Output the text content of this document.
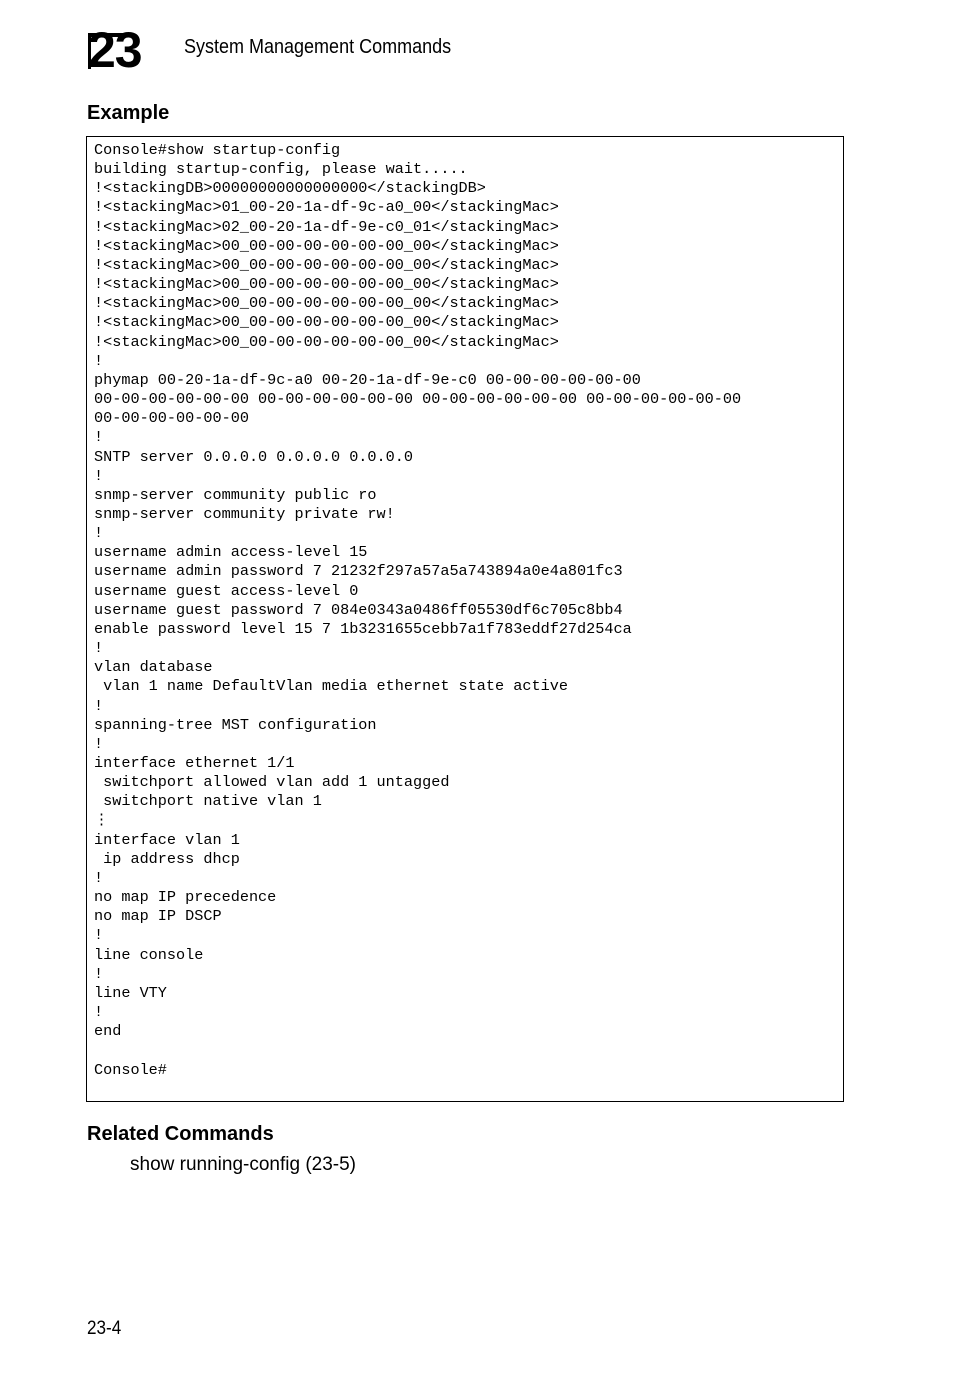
23 System Management Commands
Example
Console#show startup-config
building startup-config, please wait.....
!<stackingDB>00000000000000000</stackingDB>
!<stackingMac>01_00-20-1a-df-9c-a0_00</stackingMac>
!<stackingMac>02_00-20-1a-df-9e-c0_01</stackingMac>
!<stackingMac>00_00-00-00-00-00-00_00</stackingMac>
!<stackingMac>00_00-00-00-00-00-00_00</stackingMac>
!<stackingMac>00_00-00-00-00-00-00_00</stackingMac>
!<stackingMac>00_00-00-00-00-00-00_00</stackingMac>
!<stackingMac>00_00-00-00-00-00-00_00</stackingMac>
!<stackingMac>00_00-00-00-00-00-00_00</stackingMac>
!
phymap 00-20-1a-df-9c-a0 00-20-1a-df-9e-c0 00-00-00-00-00-00
00-00-00-00-00-00 00-00-00-00-00-00 00-00-00-00-00-00 00-00-00-00-00-00
00-00-00-00-00-00
!
SNTP server 0.0.0.0 0.0.0.0 0.0.0.0
!
snmp-server community public ro
snmp-server community private rw!
!
username admin access-level 15
username admin password 7 21232f297a57a5a743894a0e4a801fc3
username guest access-level 0
username guest password 7 084e0343a0486ff05530df6c705c8bb4
enable password level 15 7 1b3231655cebb7a1f783eddf27d254ca
!
vlan database
vlan 1 name DefaultVlan media ethernet state active
!
spanning-tree MST configuration
!
interface ethernet 1/1
switchport allowed vlan add 1 untagged
switchport native vlan 1
⋮
interface vlan 1
ip address dhcp
!
no map IP precedence
no map IP DSCP
!
line console
!
line VTY
!
end

Console#

Related Commands
show running-config (23-5)
23-4
